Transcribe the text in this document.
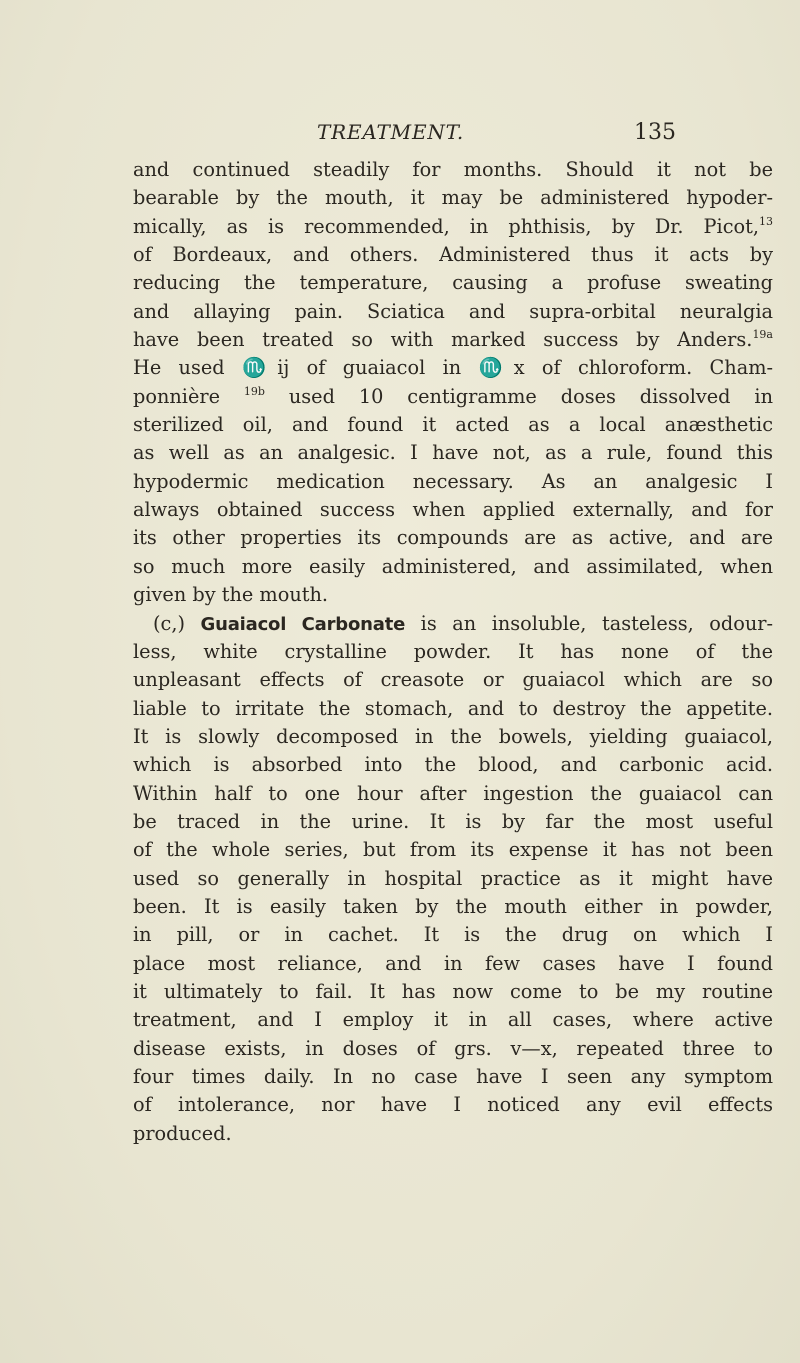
TREATMENT.	135
and continued steadily for months. Should it not be
bearable by the mouth, it may be administered hypoder-
mically, as is recommended, in phthisis, by Dr. Picot,$^{13}$
of Bordeaux, and others. Administered thus it acts by
reducing the temperature, causing a profuse sweating
and allaying pain. Sciatica and supra-orbital neuralgia
have been treated so with marked success by Anders.$^{19a}$
He used ♏ij of guaiacol in ♏x of chloroform. Cham-
ponnière $^{19b}$ used 10 centigramme doses dissolved in
sterilized oil, and found it acted as a local anæsthetic
as well as an analgesic. I have not, as a rule, found this
hypodermic medication necessary. As an analgesic I
always obtained success when applied externally, and for
its other properties its compounds are as active, and are
so much more easily administered, and assimilated, when
given by the mouth.
(c,) Guaiacol Carbonate is an insoluble, tasteless, odour-
less, white crystalline powder. It has none of the
unpleasant effects of creasote or guaiacol which are so
liable to irritate the stomach, and to destroy the appetite.
It is slowly decomposed in the bowels, yielding guaiacol,
which is absorbed into the blood, and carbonic acid.
Within half to one hour after ingestion the guaiacol can
be traced in the urine. It is by far the most useful
of the whole series, but from its expense it has not been
used so generally in hospital practice as it might have
been. It is easily taken by the mouth either in powder,
in pill, or in cachet. It is the drug on which I
place most reliance, and in few cases have I found
it ultimately to fail. It has now come to be my routine
treatment, and I employ it in all cases, where active
disease exists, in doses of grs. v—x, repeated three to
four times daily. In no case have I seen any symptom
of intolerance, nor have I noticed any evil effects
produced.
